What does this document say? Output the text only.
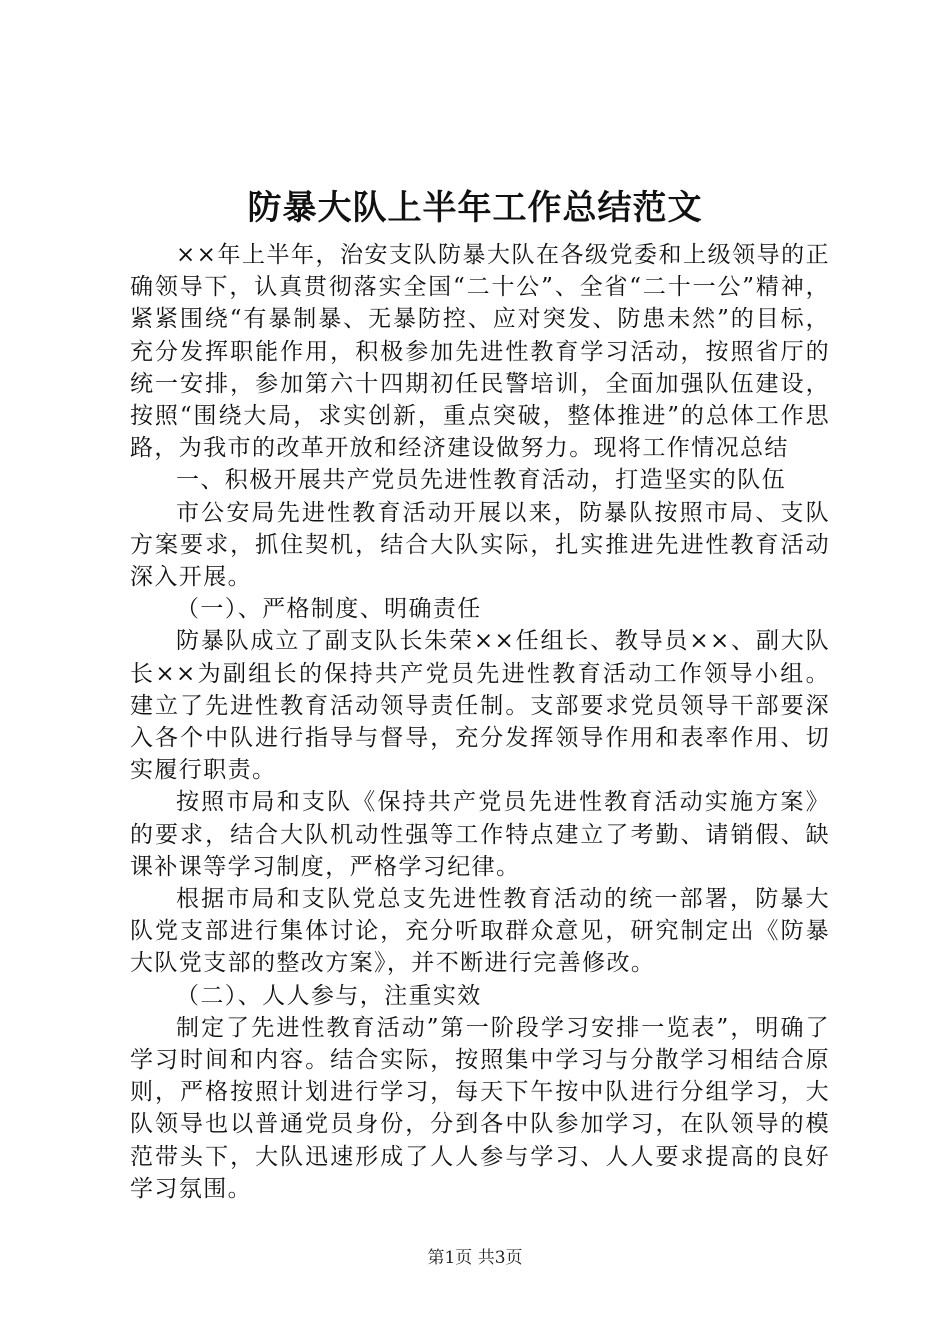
防暴大队上半年工作总结范文

××年上半年，治安支队防暴大队在各级党委和上级领导的正确领导下，认真贯彻落实全国“二十公”、全省“二十一公”精神，紧紧围绕“有暴制暴、无暴防控、应对突发、防患未然”的目标，充分发挥职能作用，积极参加先进性教育学习活动，按照省厅的统一安排，参加第六十四期初任民警培训，全面加强队伍建设，按照“围绕大局，求实创新，重点突破，整体推进”的总体工作思路，为我市的改革开放和经济建设做努力。现将工作情况总结

一、积极开展共产党员先进性教育活动，打造坚实的队伍

市公安局先进性教育活动开展以来，防暴队按照市局、支队方案要求，抓住契机，结合大队实际，扎实推进先进性教育活动深入开展。

（一）、严格制度、明确责任

防暴队成立了副支队长朱荣××任组长、教导员××、副大队长××为副组长的保持共产党员先进性教育活动工作领导小组。建立了先进性教育活动领导责任制。支部要求党员领导干部要深入各个中队进行指导与督导，充分发挥领导作用和表率作用、切实履行职责。

按照市局和支队《保持共产党员先进性教育活动实施方案》的要求，结合大队机动性强等工作特点建立了考勤、请销假、缺课补课等学习制度，严格学习纪律。

根据市局和支队党总支先进性教育活动的统一部署，防暴大队党支部进行集体讨论，充分听取群众意见，研究制定出《防暴大队党支部的整改方案》，并不断进行完善修改。

（二）、人人参与，注重实效

制定了先进性教育活动”第一阶段学习安排一览表”，明确了学习时间和内容。结合实际，按照集中学习与分散学习相结合原则，严格按照计划进行学习，每天下午按中队进行分组学习，大队领导也以普通党员身份，分到各中队参加学习，在队领导的模范带头下，大队迅速形成了人人参与学习、人人要求提高的良好学习氛围。

第1页 共3页
